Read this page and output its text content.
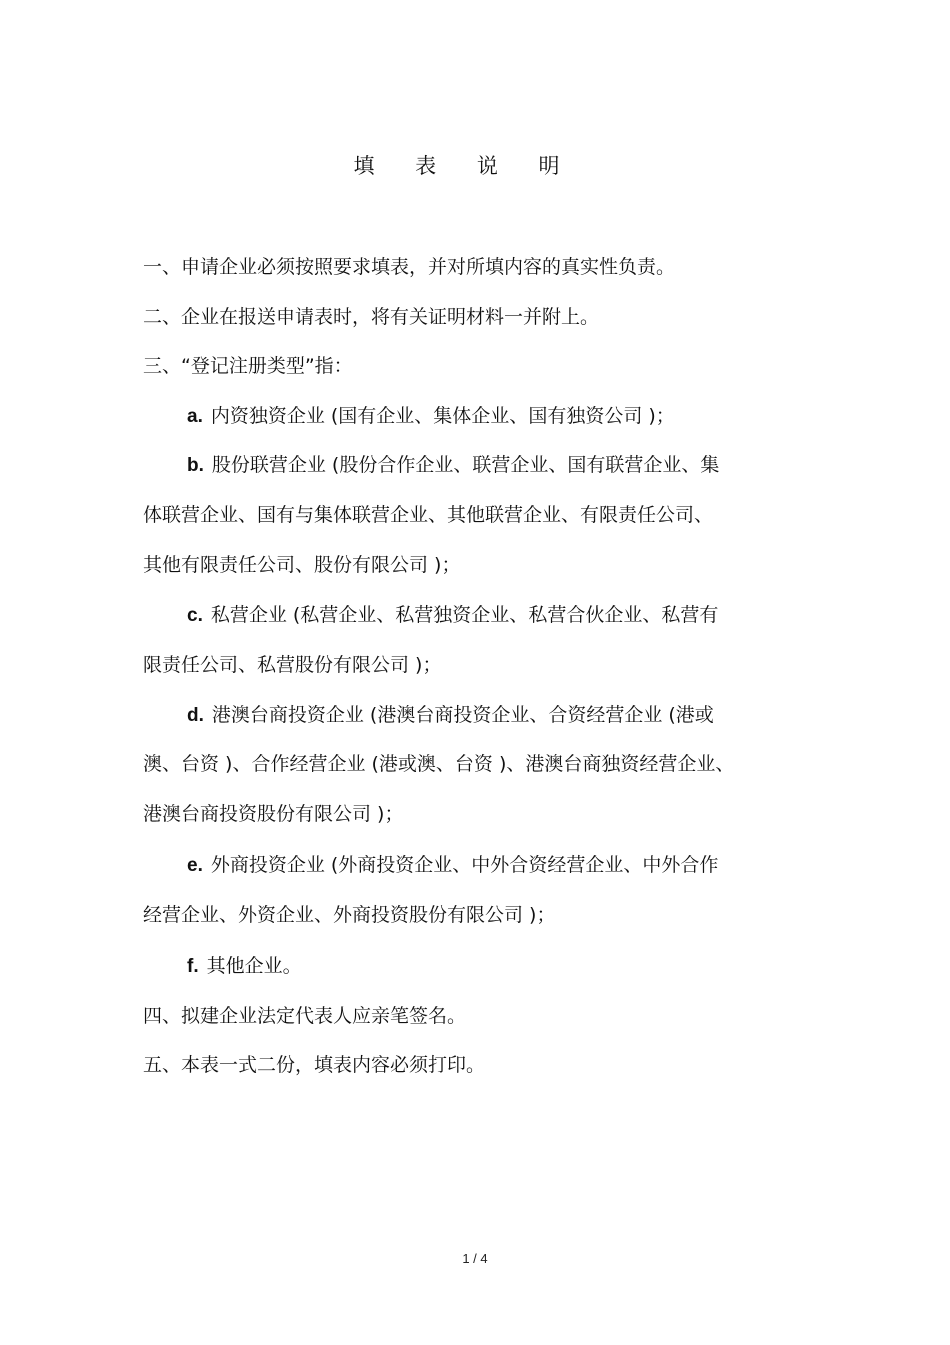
填 表 说 明
一、申请企业必须按照要求填表，并对所填内容的真实性负责。
二、企业在报送申请表时，将有关证明材料一并附上。
三、“登记注册类型”指：
a. 内资独资企业 (国有企业、集体企业、国有独资公司 )；
b. 股份联营企业 (股份合作企业、联营企业、国有联营企业、集
体联营企业、国有与集体联营企业、其他联营企业、有限责任公司、
其他有限责任公司、股份有限公司 )；
c. 私营企业 (私营企业、私营独资企业、私营合伙企业、私营有
限责任公司、私营股份有限公司 )；
d. 港澳台商投资企业 (港澳台商投资企业、合资经营企业 (港或
澳、台资 )、合作经营企业 (港或澳、台资 )、港澳台商独资经营企业、
港澳台商投资股份有限公司 )；
e. 外商投资企业 (外商投资企业、中外合资经营企业、中外合作
经营企业、外资企业、外商投资股份有限公司 )；
f. 其他企业。
四、拟建企业法定代表人应亲笔签名。
五、本表一式二份，填表内容必须打印。
1 / 4
